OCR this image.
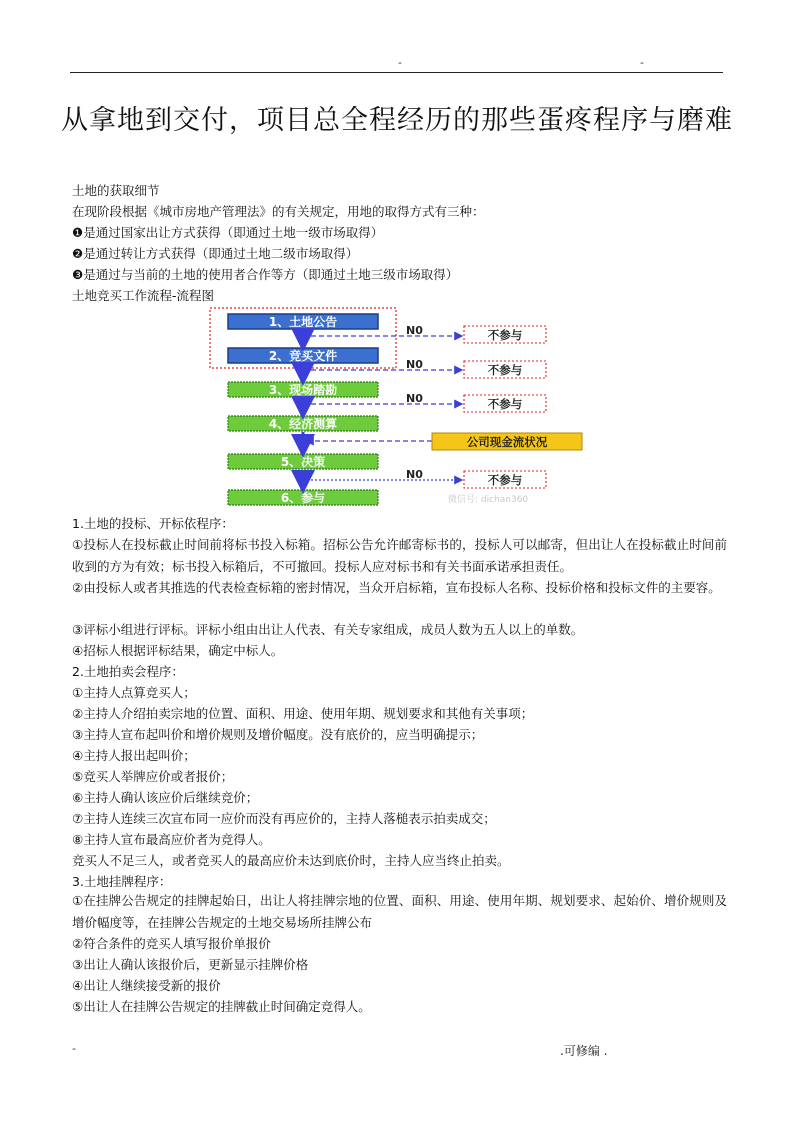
-	-
从拿地到交付，项目总全程经历的那些蛋疼程序与磨难
土地的获取细节
在现阶段根据《城市房地产管理法》的有关规定，用地的取得方式有三种：
❶是通过国家出让方式获得（即通过土地一级市场取得）
❷是通过转让方式获得（即通过土地二级市场取得）
❸是通过与当前的土地的使用者合作等方（即通过土地三级市场取得）
土地竞买工作流程-流程图
1、土地公告
2、竞买文件
3、现场踏勘
4、经济测算
5、决策
6、参与
N0	不参与
N0	不参与
N0	不参与
公司现金流状况
N0	不参与
微信号: dichan360
1.土地的投标、开标依程序：
①投标人在投标截止时间前将标书投入标箱。招标公告允许邮寄标书的，投标人可以邮寄，但出让人在投标截止时间前收到的方为有效；标书投入标箱后，不可撤回。投标人应对标书和有关书面承诺承担责任。
②由投标人或者其推选的代表检查标箱的密封情况，当众开启标箱，宣布投标人名称、投标价格和投标文件的主要容。
③评标小组进行评标。评标小组由出让人代表、有关专家组成，成员人数为五人以上的单数。
④招标人根据评标结果，确定中标人。
2.土地拍卖会程序：
①主持人点算竞买人；
②主持人介绍拍卖宗地的位置、面积、用途、使用年期、规划要求和其他有关事项；
③主持人宣布起叫价和增价规则及增价幅度。没有底价的，应当明确提示；
④主持人报出起叫价；
⑤竞买人举牌应价或者报价；
⑥主持人确认该应价后继续竞价；
⑦主持人连续三次宣布同一应价而没有再应价的，主持人落槌表示拍卖成交；
⑧主持人宣布最高应价者为竞得人。
竞买人不足三人，或者竞买人的最高应价未达到底价时，主持人应当终止拍卖。
3.土地挂牌程序：
①在挂牌公告规定的挂牌起始日，出让人将挂牌宗地的位置、面积、用途、使用年期、规划要求、起始价、增价规则及增价幅度等，在挂牌公告规定的土地交易场所挂牌公布
②符合条件的竞买人填写报价单报价
③出让人确认该报价后，更新显示挂牌价格
④出让人继续接受新的报价
⑤出让人在挂牌公告规定的挂牌截止时间确定竞得人。
-	.可修编 .
